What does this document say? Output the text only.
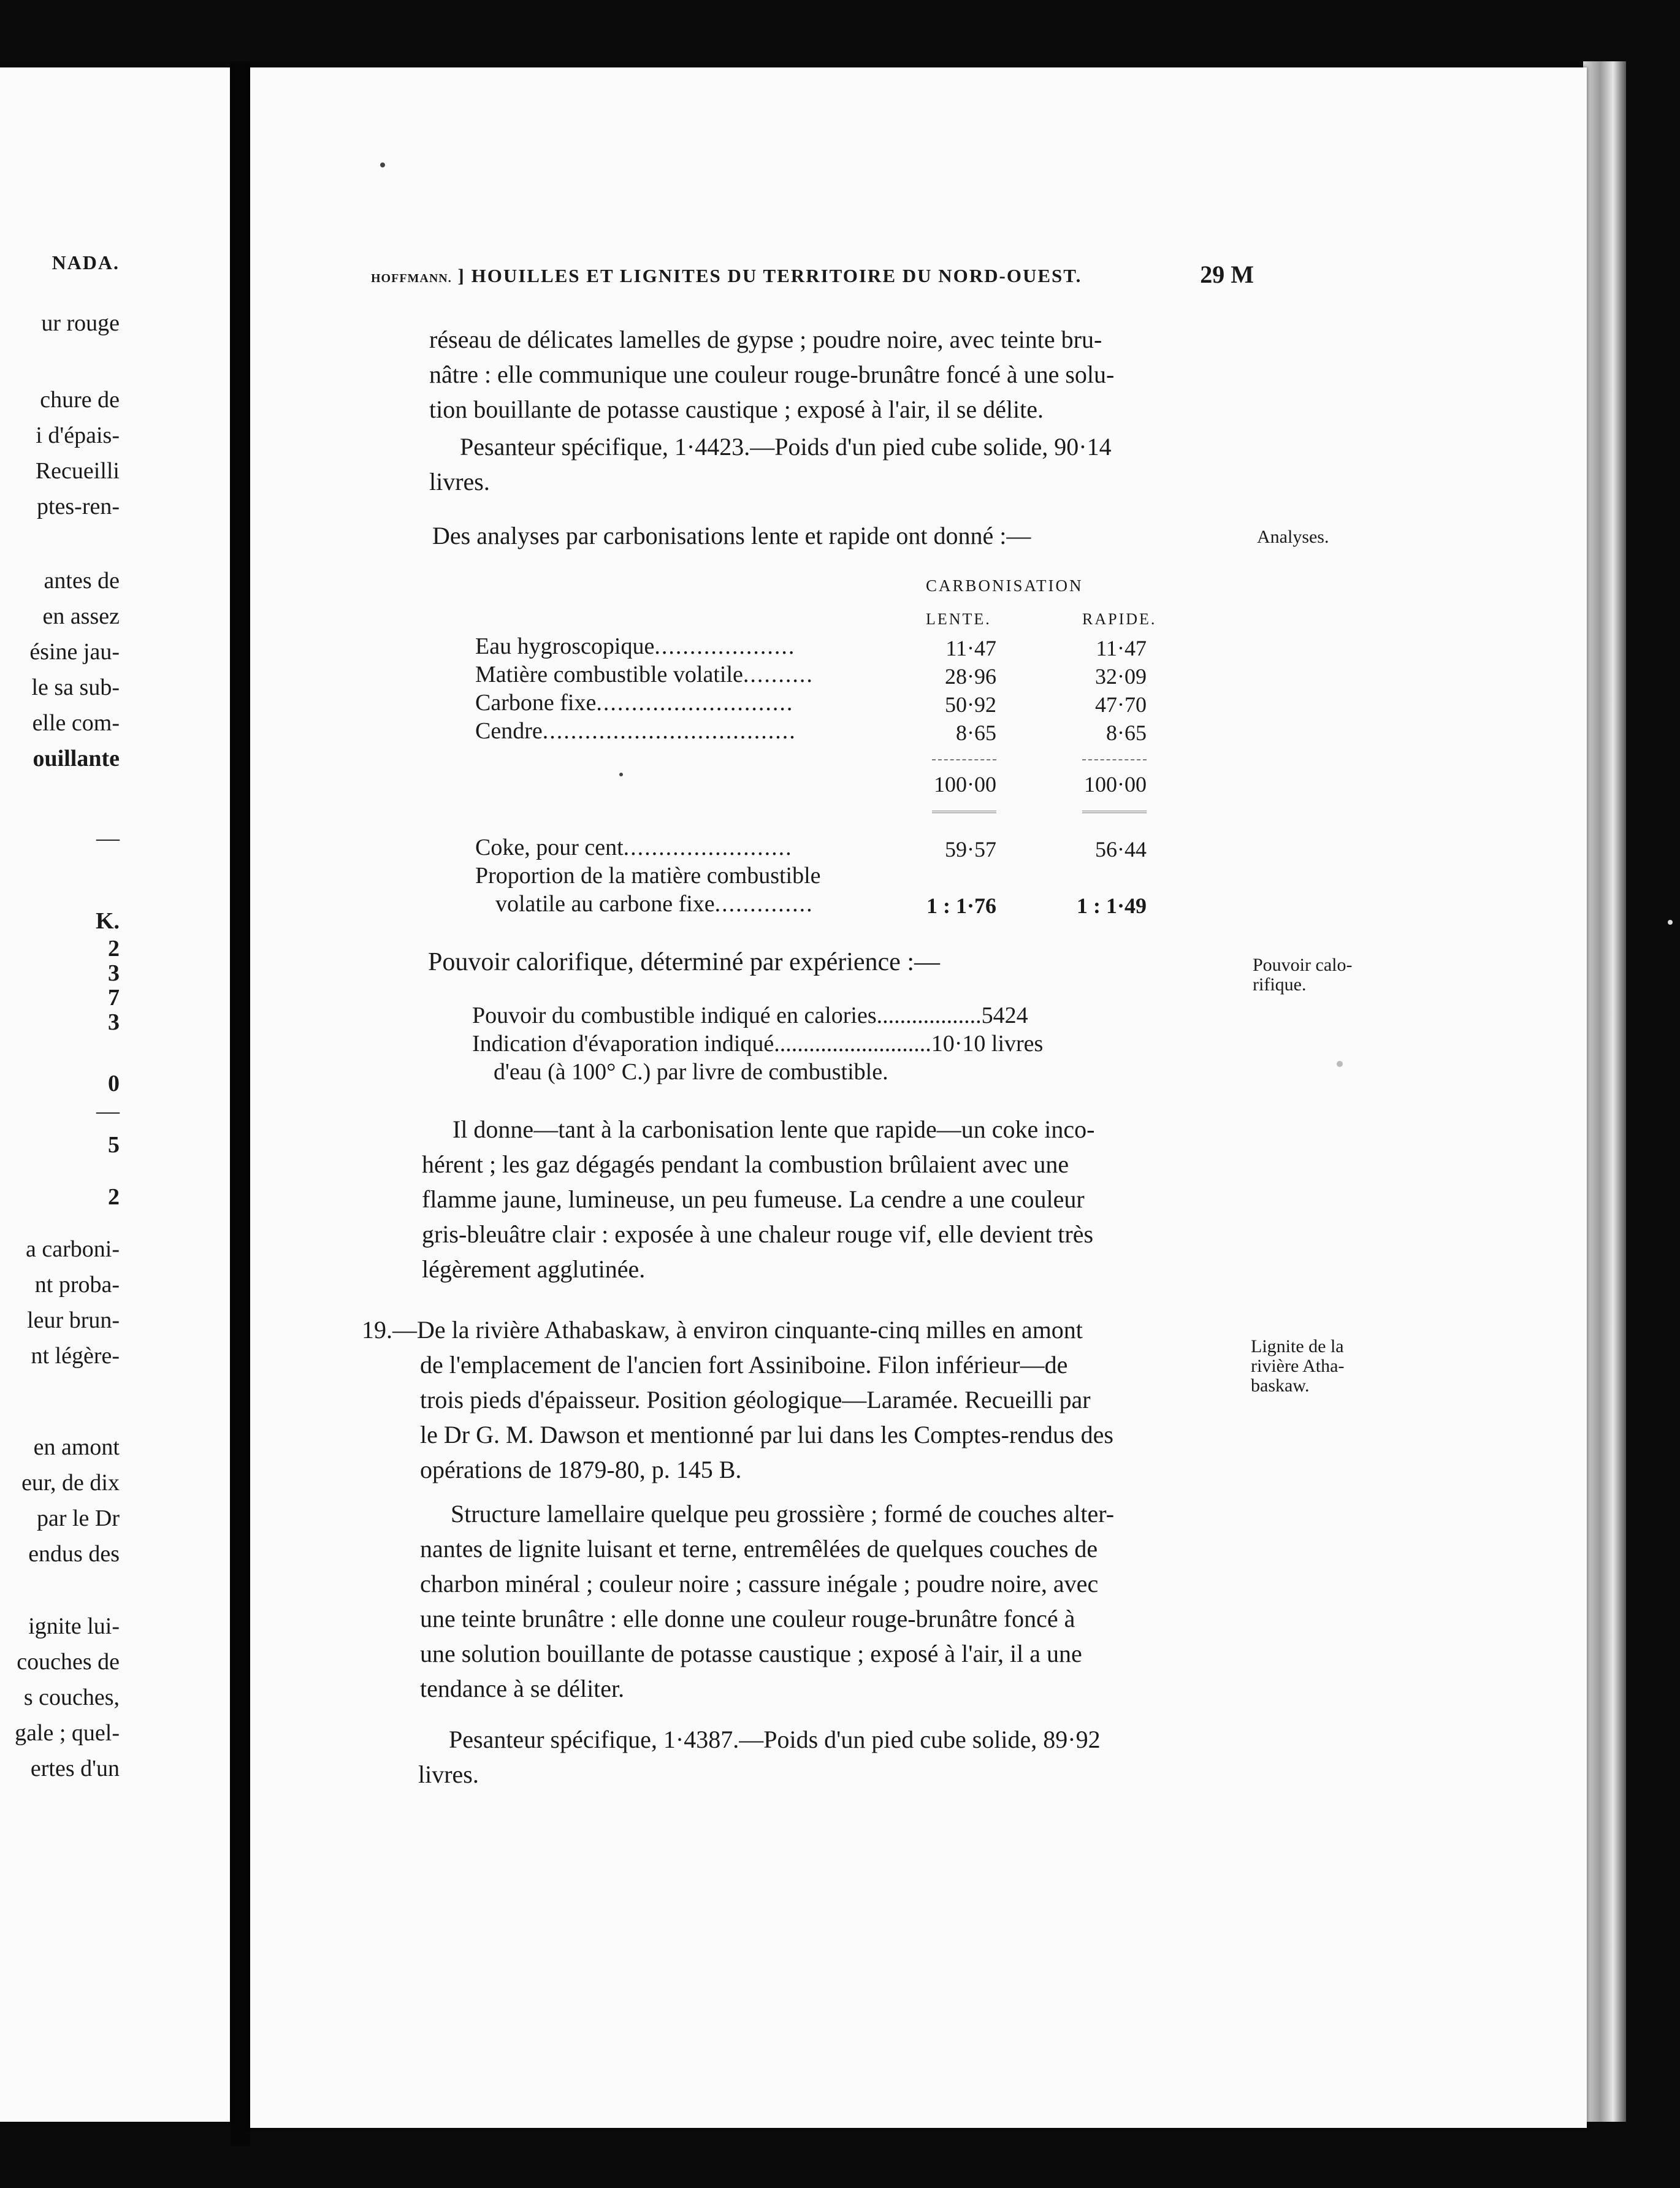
NADA.
ur rouge
chure de
i d'épais-
Recueilli
ptes-ren-
antes de
en assez
ésine jau-
le sa sub-
elle com-
ouillante
—
K.
2
3
7
3
0
—
5
2
a carboni-
nt proba-
leur brun-
nt légère-
en amont
eur, de dix
par le Dr
endus des
ignite lui-
couches de
s couches,
gale ; quel-
ertes d'un
HOFFMANN. ] HOUILLES ET LIGNITES DU TERRITOIRE DU NORD-OUEST.	29 M
réseau de délicates lamelles de gypse ; poudre noire, avec teinte bru-
nâtre : elle communique une couleur rouge-brunâtre foncé à une solu-
tion bouillante de potasse caustique ; exposé à l'air, il se délite.
Pesanteur spécifique, 1·4423.—Poids d'un pied cube solide, 90·14
livres.
Des analyses par carbonisations lente et rapide ont donné :—	Analyses.
CARBONISATION
LENTE.	RAPIDE.
Eau hygroscopique....................	11·47	11·47
Matière combustible volatile..........	28·96	32·09
Carbone fixe............................	50·92	47·70
Cendre....................................	8·65	8·65
100·00	100·00
Coke, pour cent........................	59·57	56·44
Proportion de la matière combustible
volatile au carbone fixe..............	1 : 1·76	1 : 1·49
Pouvoir calorifique, déterminé par expérience :—	Pouvoir calo-
rifique.
Pouvoir du combustible indiqué en calories..................5424
Indication d'évaporation indiqué...........................10·10 livres
d'eau (à 100° C.) par livre de combustible.
Il donne—tant à la carbonisation lente que rapide—un coke inco-
hérent ; les gaz dégagés pendant la combustion brûlaient avec une
flamme jaune, lumineuse, un peu fumeuse. La cendre a une couleur
gris-bleuâtre clair : exposée à une chaleur rouge vif, elle devient très
légèrement agglutinée.
19.—De la rivière Athabaskaw, à environ cinquante-cinq milles en amont
de l'emplacement de l'ancien fort Assiniboine. Filon inférieur—de
trois pieds d'épaisseur. Position géologique—Laramée. Recueilli par
le Dr G. M. Dawson et mentionné par lui dans les Comptes-rendus des
opérations de 1879-80, p. 145 B.
Lignite de la
rivière Atha-
baskaw.
Structure lamellaire quelque peu grossière ; formé de couches alter-
nantes de lignite luisant et terne, entremêlées de quelques couches de
charbon minéral ; couleur noire ; cassure inégale ; poudre noire, avec
une teinte brunâtre : elle donne une couleur rouge-brunâtre foncé à
une solution bouillante de potasse caustique ; exposé à l'air, il a une
tendance à se déliter.
Pesanteur spécifique, 1·4387.—Poids d'un pied cube solide, 89·92
livres.
